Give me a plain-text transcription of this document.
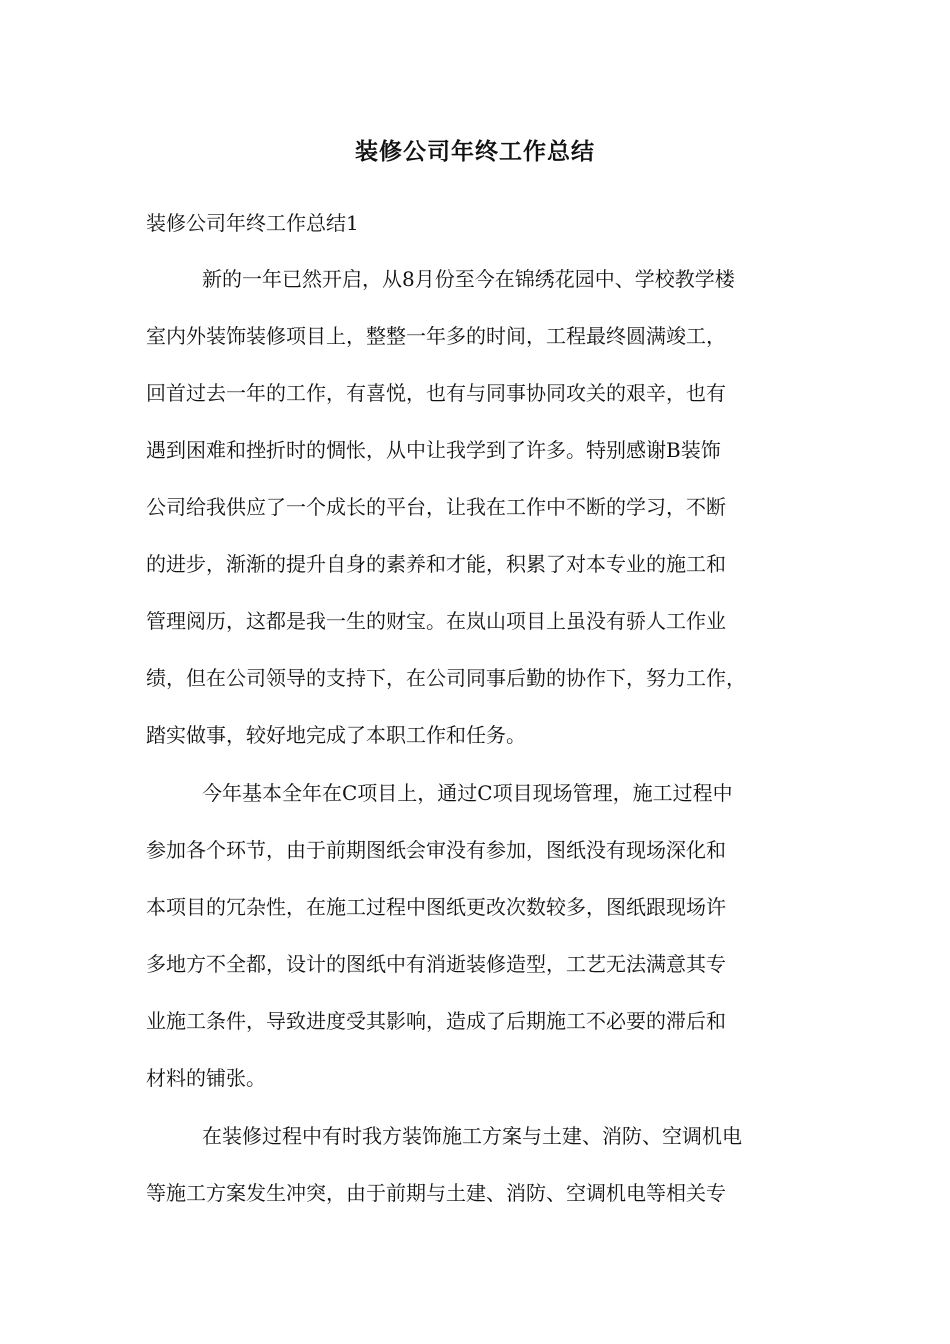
装修公司年终工作总结

装修公司年终工作总结1

新的一年已然开启，从8月份至今在锦绣花园中、学校教学楼

室内外装饰装修项目上，整整一年多的时间，工程最终圆满竣工，

回首过去一年的工作，有喜悦，也有与同事协同攻关的艰辛，也有

遇到困难和挫折时的惆怅，从中让我学到了许多。特别感谢B装饰

公司给我供应了一个成长的平台，让我在工作中不断的学习，不断

的进步，渐渐的提升自身的素养和才能，积累了对本专业的施工和

管理阅历，这都是我一生的财宝。在岚山项目上虽没有骄人工作业

绩，但在公司领导的支持下，在公司同事后勤的协作下，努力工作，

踏实做事，较好地完成了本职工作和任务。

今年基本全年在C项目上，通过C项目现场管理，施工过程中

参加各个环节，由于前期图纸会审没有参加，图纸没有现场深化和

本项目的冗杂性，在施工过程中图纸更改次数较多，图纸跟现场许

多地方不全都，设计的图纸中有消逝装修造型，工艺无法满意其专

业施工条件，导致进度受其影响，造成了后期施工不必要的滞后和

材料的铺张。

在装修过程中有时我方装饰施工方案与土建、消防、空调机电

等施工方案发生冲突，由于前期与土建、消防、空调机电等相关专
